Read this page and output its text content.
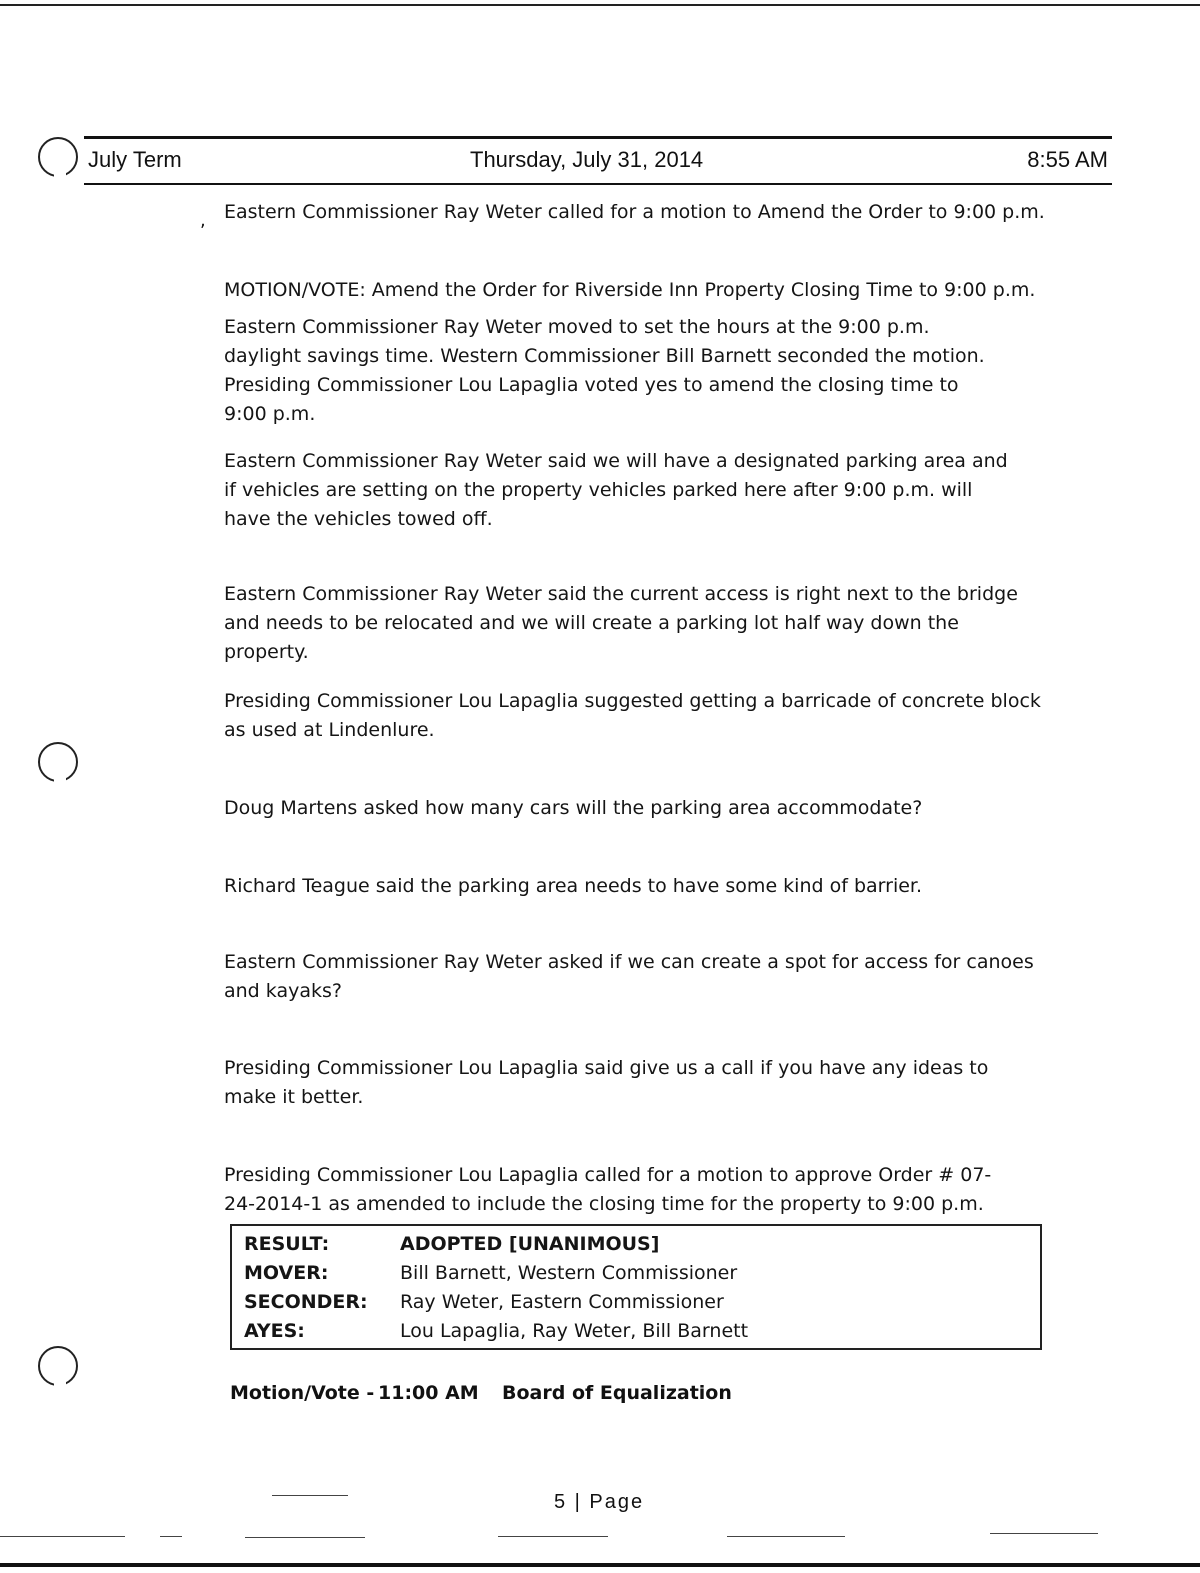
July Term	Thursday, July 31, 2014	8:55 AM
, Eastern Commissioner Ray Weter called for a motion to Amend the Order to 9:00 p.m.
MOTION/VOTE: Amend the Order for Riverside Inn Property Closing Time to 9:00 p.m.
Eastern Commissioner Ray Weter moved to set the hours at the 9:00 p.m. daylight savings time. Western Commissioner Bill Barnett seconded the motion. Presiding Commissioner Lou Lapaglia voted yes to amend the closing time to 9:00 p.m.
Eastern Commissioner Ray Weter said we will have a designated parking area and if vehicles are setting on the property vehicles parked here after 9:00 p.m. will have the vehicles towed off.
Eastern Commissioner Ray Weter said the current access is right next to the bridge and needs to be relocated and we will create a parking lot half way down the property.
Presiding Commissioner Lou Lapaglia suggested getting a barricade of concrete block as used at Lindenlure.
Doug Martens asked how many cars will the parking area accommodate?
Richard Teague said the parking area needs to have some kind of barrier.
Eastern Commissioner Ray Weter asked if we can create a spot for access for canoes and kayaks?
Presiding Commissioner Lou Lapaglia said give us a call if you have any ideas to make it better.
Presiding Commissioner Lou Lapaglia called for a motion to approve Order # 07-24-2014-1 as amended to include the closing time for the property to 9:00 p.m.
RESULT:	ADOPTED [UNANIMOUS]
MOVER:	Bill Barnett, Western Commissioner
SECONDER: Ray Weter, Eastern Commissioner
AYES:	Lou Lapaglia, Ray Weter, Bill Barnett
Motion/Vote - 11:00 AM Board of Equalization
5 | Page
